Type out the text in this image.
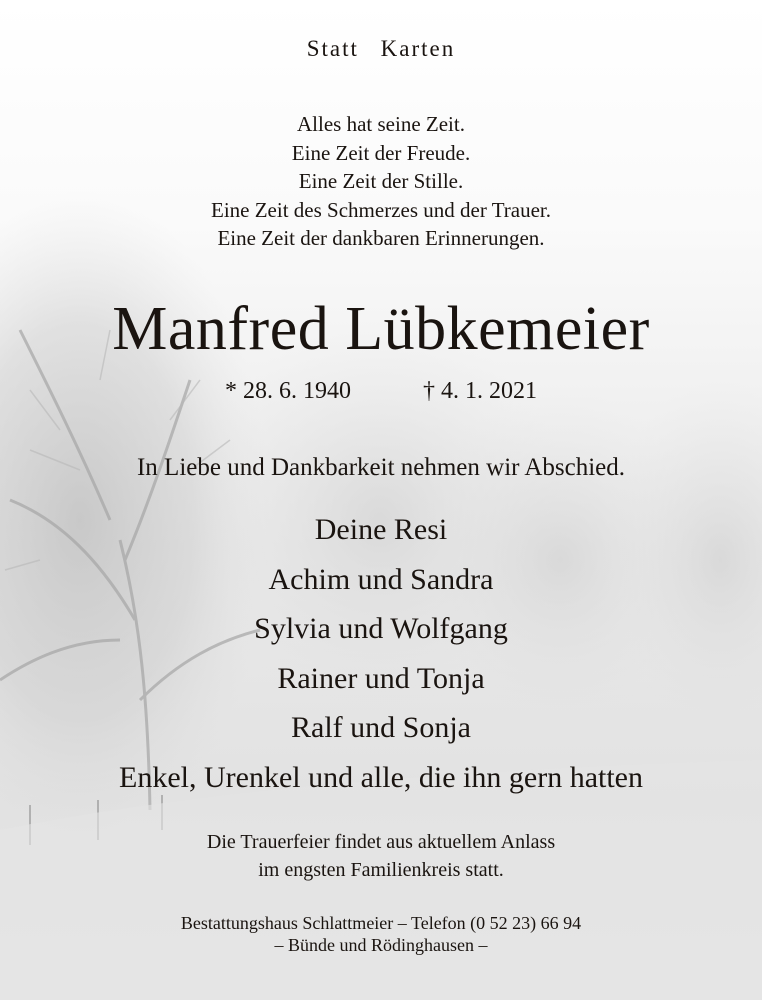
Statt Karten
Alles hat seine Zeit.
Eine Zeit der Freude.
Eine Zeit der Stille.
Eine Zeit des Schmerzes und der Trauer.
Eine Zeit der dankbaren Erinnerungen.
Manfred Lübkemeier
* 28. 6. 1940	† 4. 1. 2021
In Liebe und Dankbarkeit nehmen wir Abschied.
Deine Resi
Achim und Sandra
Sylvia und Wolfgang
Rainer und Tonja
Ralf und Sonja
Enkel, Urenkel und alle, die ihn gern hatten
Die Trauerfeier findet aus aktuellem Anlass
im engsten Familienkreis statt.
Bestattungshaus Schlattmeier – Telefon (0 52 23) 66 94
– Bünde und Rödinghausen –
